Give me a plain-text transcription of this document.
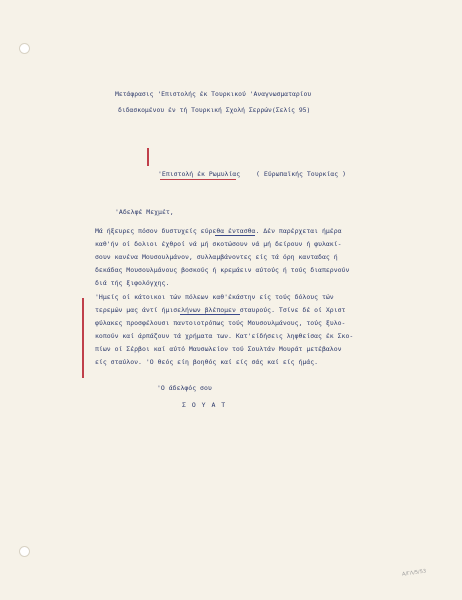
Μετάφρασις 'Επιστολής έκ Τουρκικού 'Αναγνωσματαρίου
διδασκομένου έν τή Τουρκική Σχολή Σερρών(Σελίς 95)
'Επιστολή έκ Ρωμυλίας ( Εύρωπαϊκής Τουρκίας )
'Αδελφέ Μεχμέτ,
Μά ήξευρες πόσον δυστυχείς εύρεθα έντασθα. Δέν παρέρχεται ήμέρα
καθ'ήν οί δολιοι έχθροί νά μή σκοτώσουν νά μή δείρουν ή φυλακί-
σουν κανένα Μουσουλμάνον, συλλαμβάνοντες είς τά όρη κανταδας ή
δεκάδας Μουσουλμάνους βοσκούς ή κρεμάειν αύτούς ή τούς διαπερνούν
διά τής ξιφολόγχης.
'Ημείς οί κάτοικοι τών πόλεων καθ'έκάστην είς τούς δόλους τών
τερεμών μας άντί ήμισελήνων βλέπομεν σταυρούς. Τσίνε δέ οί Χριστ
φύλακες προσφέλουσι παντοιοτρόπως τούς Μουσουλμάνους, τούς ξυλο-
κοπούν καί άρπάζουν τά χρήματα των. Κατ'είδήσεις ληφθείσας έκ Σκο-
πίων οί Σέρβοι καί αύτό Μαυσωλείον τού Σουλτάν Μουράτ μετέβαλον
είς σταύλον. 'Ο θεός είη βοηθός καί είς σάς καί είς ήμάς.
'Ο άδελφός σου
Σ Ο Υ Α Τ
Α/ΓΛ/5/53
